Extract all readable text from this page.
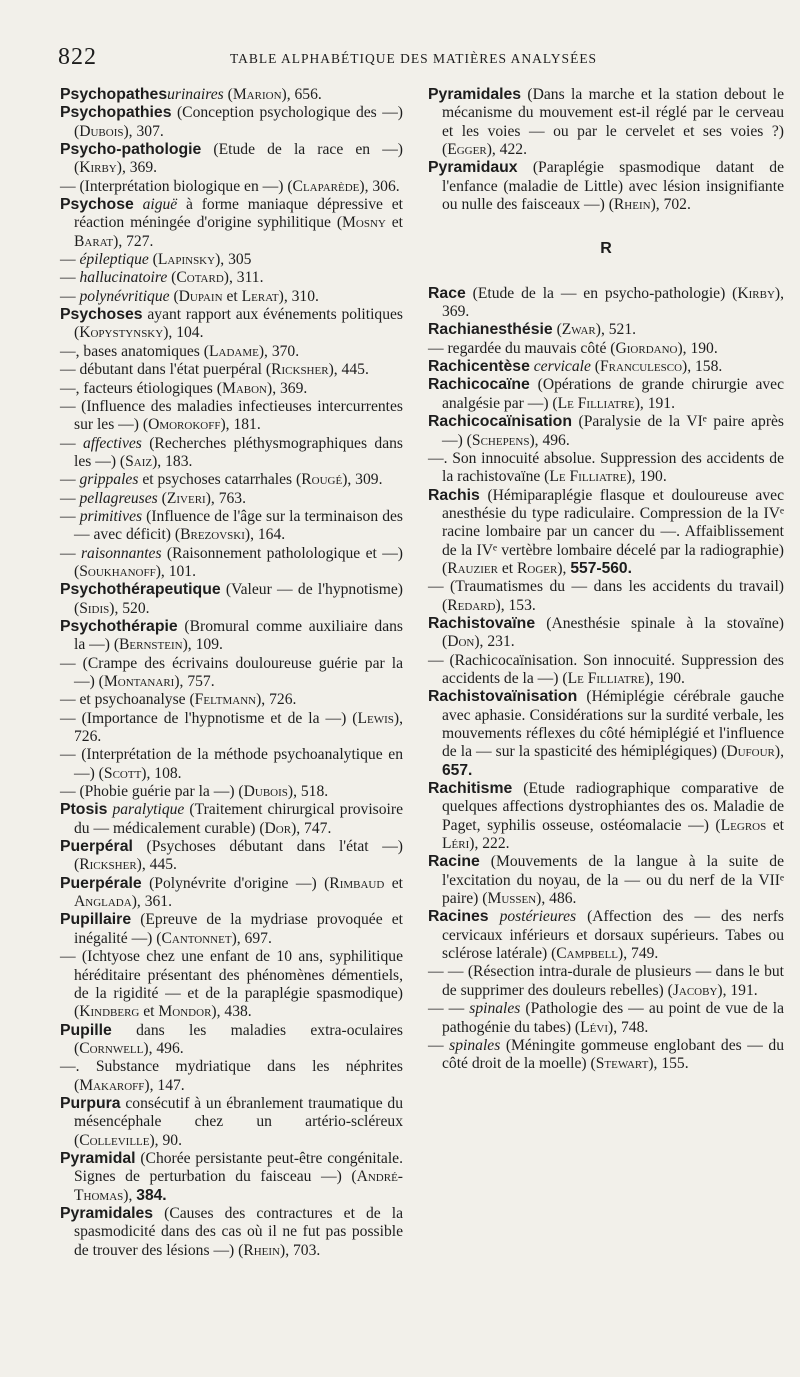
822	TABLE ALPHABÉTIQUE DES MATIÈRES ANALYSÉES

Psychopathesurinaires (Marion), 656.

Psychopathies (Conception psychologique des —) (Dubois), 307.

Psycho-pathologie (Etude de la race en —) (Kirby), 369.

— (Interprétation biologique en —) (Claparède), 306.

Psychose aiguë à forme maniaque dépressive et réaction méningée d'origine syphilitique (Mosny et Barat), 727.

— épileptique (Lapinsky), 305

— hallucinatoire (Cotard), 311.

— polynévritique (Dupain et Lerat), 310.

Psychoses ayant rapport aux événements politiques (Kopystynsky), 104.

—, bases anatomiques (Ladame), 370.

— débutant dans l'état puerpéral (Ricksher), 445.

—, facteurs étiologiques (Mabon), 369.

— (Influence des maladies infectieuses intercurrentes sur les —) (Omorokoff), 181.

— affectives (Recherches pléthysmographiques dans les —) (Saiz), 183.

— grippales et psychoses catarrhales (Rougé), 309.

— pellagreuses (Ziveri), 763.

— primitives (Influence de l'âge sur la terminaison des — avec déficit) (Brezovski), 164.

— raisonnantes (Raisonnement patholologique et —) (Soukhanoff), 101.

Psychothérapeutique (Valeur — de l'hypnotisme) (Sidis), 520.

Psychothérapie (Bromural comme auxiliaire dans la —) (Bernstein), 109.

— (Crampe des écrivains douloureuse guérie par la —) (Montanari), 757.

— et psychoanalyse (Feltmann), 726.

— (Importance de l'hypnotisme et de la —) (Lewis), 726.

— (Interprétation de la méthode psychoanalytique en —) (Scott), 108.

— (Phobie guérie par la —) (Dubois), 518.

Ptosis paralytique (Traitement chirurgical provisoire du — médicalement curable) (Dor), 747.

Puerpéral (Psychoses débutant dans l'état —) (Ricksher), 445.

Puerpérale (Polynévrite d'origine —) (Rimbaud et Anglada), 361.

Pupillaire (Epreuve de la mydriase provoquée et inégalité —) (Cantonnet), 697.

— (Ichtyose chez une enfant de 10 ans, syphilitique héréditaire présentant des phénomènes démentiels, de la rigidité — et de la paraplégie spasmodique) (Kindberg et Mondor), 438.

Pupille dans les maladies extra-oculaires (Cornwell), 496.

—. Substance mydriatique dans les néphrites (Makaroff), 147.

Purpura consécutif à un ébranlement traumatique du mésencéphale chez un artério-scléreux (Colleville), 90.

Pyramidal (Chorée persistante peut-être congénitale. Signes de perturbation du faisceau —) (André-Thomas), 384.

Pyramidales (Causes des contractures et de la spasmodicité dans des cas où il ne fut pas possible de trouver des lésions —) (Rhein), 703.

Pyramidales (Dans la marche et la station debout le mécanisme du mouvement est-il réglé par le cerveau et les voies — ou par le cervelet et ses voies ?) (Egger), 422.

Pyramidaux (Paraplégie spasmodique datant de l'enfance (maladie de Little) avec lésion insignifiante ou nulle des faisceaux —) (Rhein), 702.

R

Race (Etude de la — en psycho-pathologie) (Kirby), 369.

Rachianesthésie (Zwar), 521.

— regardée du mauvais côté (Giordano), 190.

Rachicentèse cervicale (Franculesco), 158.

Rachicocaïne (Opérations de grande chirurgie avec analgésie par —) (Le Filliatre), 191.

Rachicocaïnisation (Paralysie de la VIᵉ paire après —) (Schepens), 496.

—. Son innocuité absolue. Suppression des accidents de la rachistovaïne (Le Filliatre), 190.

Rachis (Hémiparaplégie flasque et douloureuse avec anesthésie du type radiculaire. Compression de la IVᵉ racine lombaire par un cancer du —. Affaiblissement de la IVᵉ vertèbre lombaire décelé par la radiographie) (Rauzier et Roger), 557-560.

— (Traumatismes du — dans les accidents du travail) (Redard), 153.

Rachistovaïne (Anesthésie spinale à la stovaïne) (Don), 231.

— (Rachicocaïnisation. Son innocuité. Suppression des accidents de la —) (Le Filliatre), 190.

Rachistovaïnisation (Hémiplégie cérébrale gauche avec aphasie. Considérations sur la surdité verbale, les mouvements réflexes du côté hémiplégié et l'influence de la — sur la spasticité des hémiplégiques) (Dufour), 657.

Rachitisme (Etude radiographique comparative de quelques affections dystrophiantes des os. Maladie de Paget, syphilis osseuse, ostéomalacie —) (Legros et Léri), 222.

Racine (Mouvements de la langue à la suite de l'excitation du noyau, de la — ou du nerf de la VIIᵉ paire) (Mussen), 486.

Racines postérieures (Affection des — des nerfs cervicaux inférieurs et dorsaux supérieurs. Tabes ou sclérose latérale) (Campbell), 749.

— — (Résection intra-durale de plusieurs — dans le but de supprimer des douleurs rebelles) (Jacoby), 191.

— — spinales (Pathologie des — au point de vue de la pathogénie du tabes) (Lévi), 748.

— spinales (Méningite gommeuse englobant des — du côté droit de la moelle) (Stewart), 155.
